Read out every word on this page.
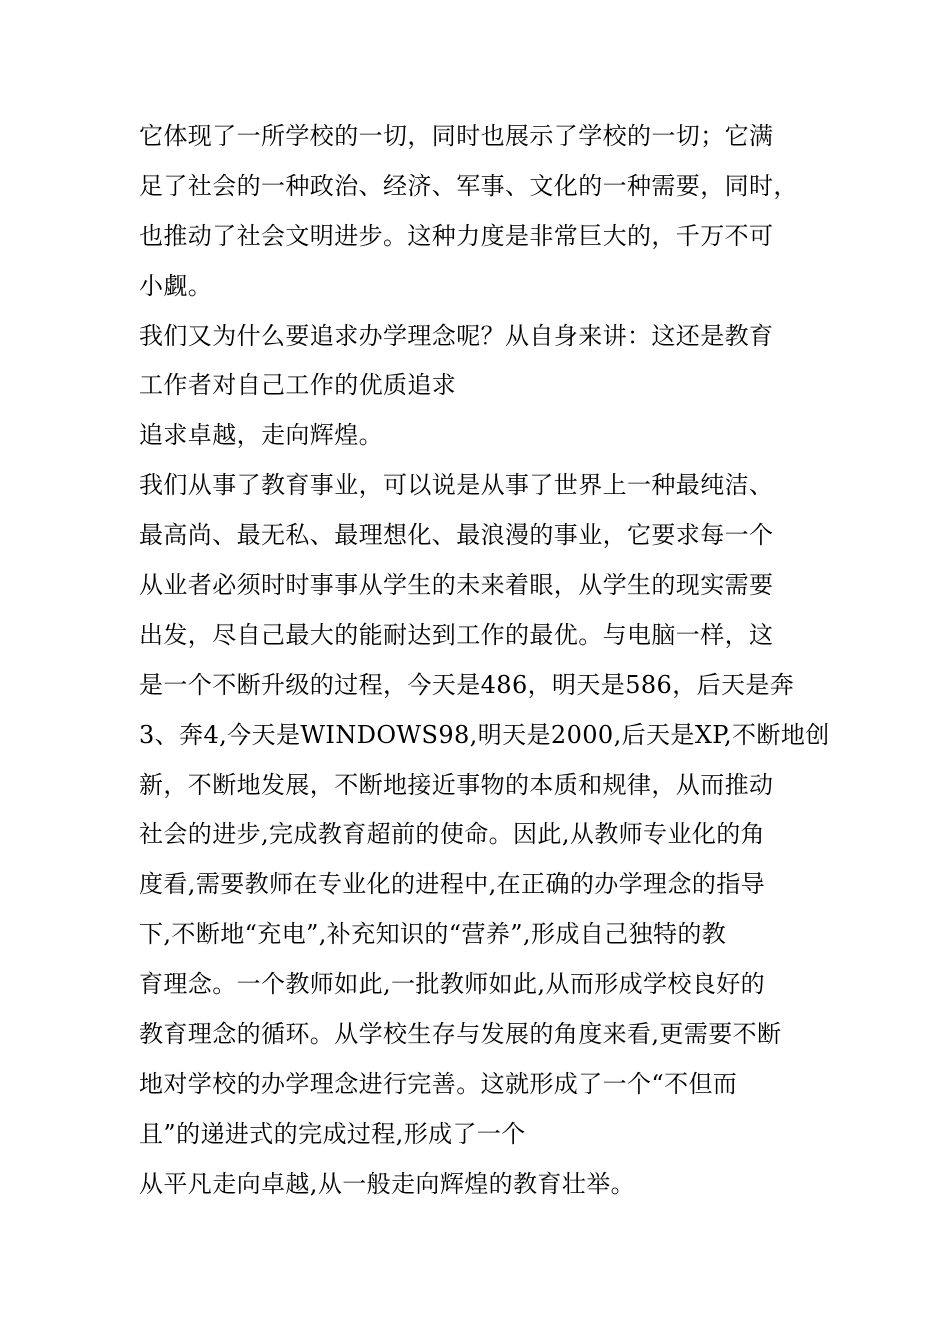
它体现了一所学校的一切，同时也展示了学校的一切；它满
足了社会的一种政治、经济、军事、文化的一种需要，同时，
也推动了社会文明进步。这种力度是非常巨大的，千万不可
小觑。
我们又为什么要追求办学理念呢？从自身来讲：这还是教育
工作者对自己工作的优质追求
追求卓越，走向辉煌。
我们从事了教育事业，可以说是从事了世界上一种最纯洁、
最高尚、最无私、最理想化、最浪漫的事业，它要求每一个
从业者必须时时事事从学生的未来着眼，从学生的现实需要
出发，尽自己最大的能耐达到工作的最优。与电脑一样，这
是一个不断升级的过程，今天是486，明天是586，后天是奔
3、奔4,今天是WINDOWS98,明天是2000,后天是XP,不断地创
新，不断地发展，不断地接近事物的本质和规律，从而推动
社会的进步,完成教育超前的使命。因此,从教师专业化的角
度看,需要教师在专业化的进程中,在正确的办学理念的指导
下,不断地“充电”,补充知识的“营养”,形成自己独特的教
育理念。一个教师如此,一批教师如此,从而形成学校良好的
教育理念的循环。从学校生存与发展的角度来看,更需要不断
地对学校的办学理念进行完善。这就形成了一个“不但而
且”的递进式的完成过程,形成了一个
从平凡走向卓越,从一般走向辉煌的教育壮举。
